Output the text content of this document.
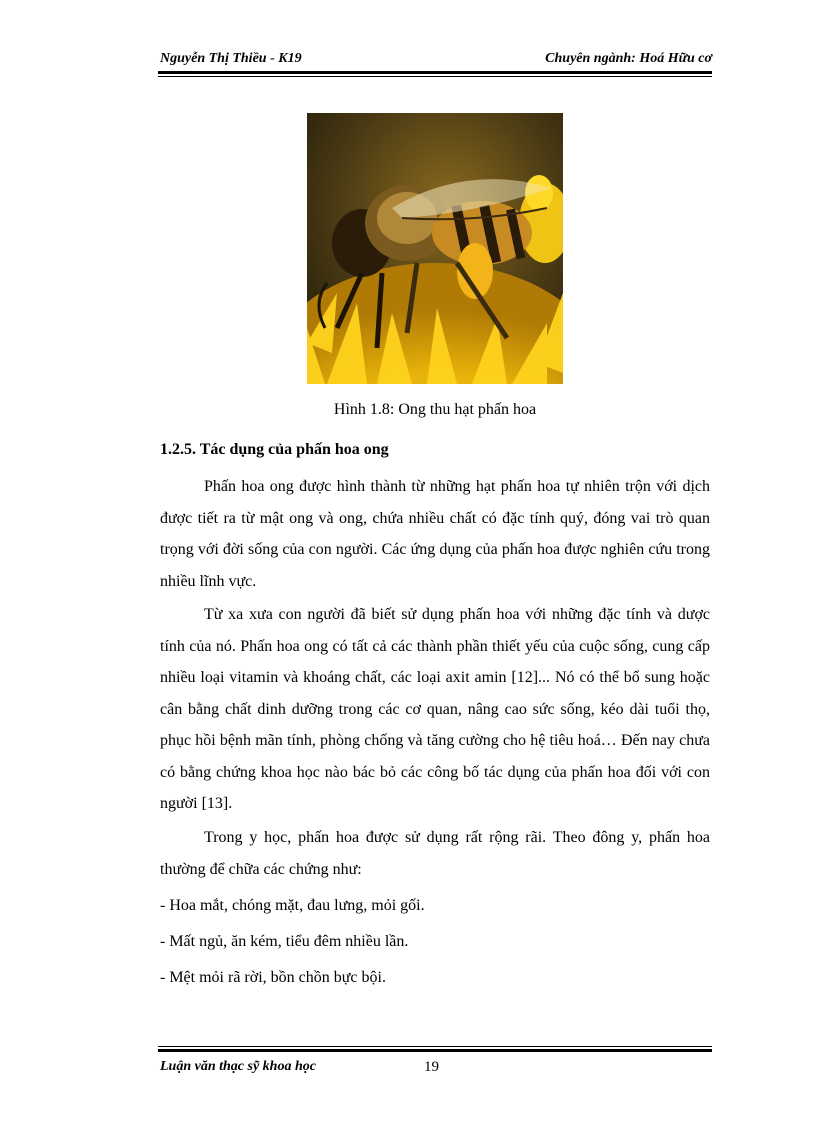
Nguyễn Thị Thiều - K19	Chuyên ngành: Hoá Hữu cơ
Hình 1.8: Ong thu hạt phấn hoa
1.2.5. Tác dụng của phấn hoa ong

Phấn hoa ong được hình thành từ những hạt phấn hoa tự nhiên trộn với dịch được tiết ra từ mật ong và ong, chứa nhiều chất có đặc tính quý, đóng vai trò quan trọng với đời sống của con người. Các ứng dụng của phấn hoa được nghiên cứu trong nhiều lĩnh vực.

Từ xa xưa con người đã biết sử dụng phấn hoa với những đặc tính và dược tính của nó. Phấn hoa ong có tất cả các thành phần thiết yếu của cuộc sống, cung cấp nhiều loại vitamin và khoáng chất, các loại axit amin [12]... Nó có thể bổ sung hoặc cân bằng chất dinh dưỡng trong các cơ quan, nâng cao sức sống, kéo dài tuổi thọ, phục hồi bệnh mãn tính, phòng chống và tăng cường cho hệ tiêu hoá… Đến nay chưa có bằng chứng khoa học nào bác bỏ các công bố tác dụng của phấn hoa đối với con người [13].

Trong y học, phấn hoa được sử dụng rất rộng rãi. Theo đông y, phấn hoa thường để chữa các chứng như:

- Hoa mắt, chóng mặt, đau lưng, mỏi gối.

- Mất ngủ, ăn kém, tiểu đêm nhiều lần.

- Mệt mỏi rã rời, bồn chồn bực bội.

Luận văn thạc sỹ khoa học	19
